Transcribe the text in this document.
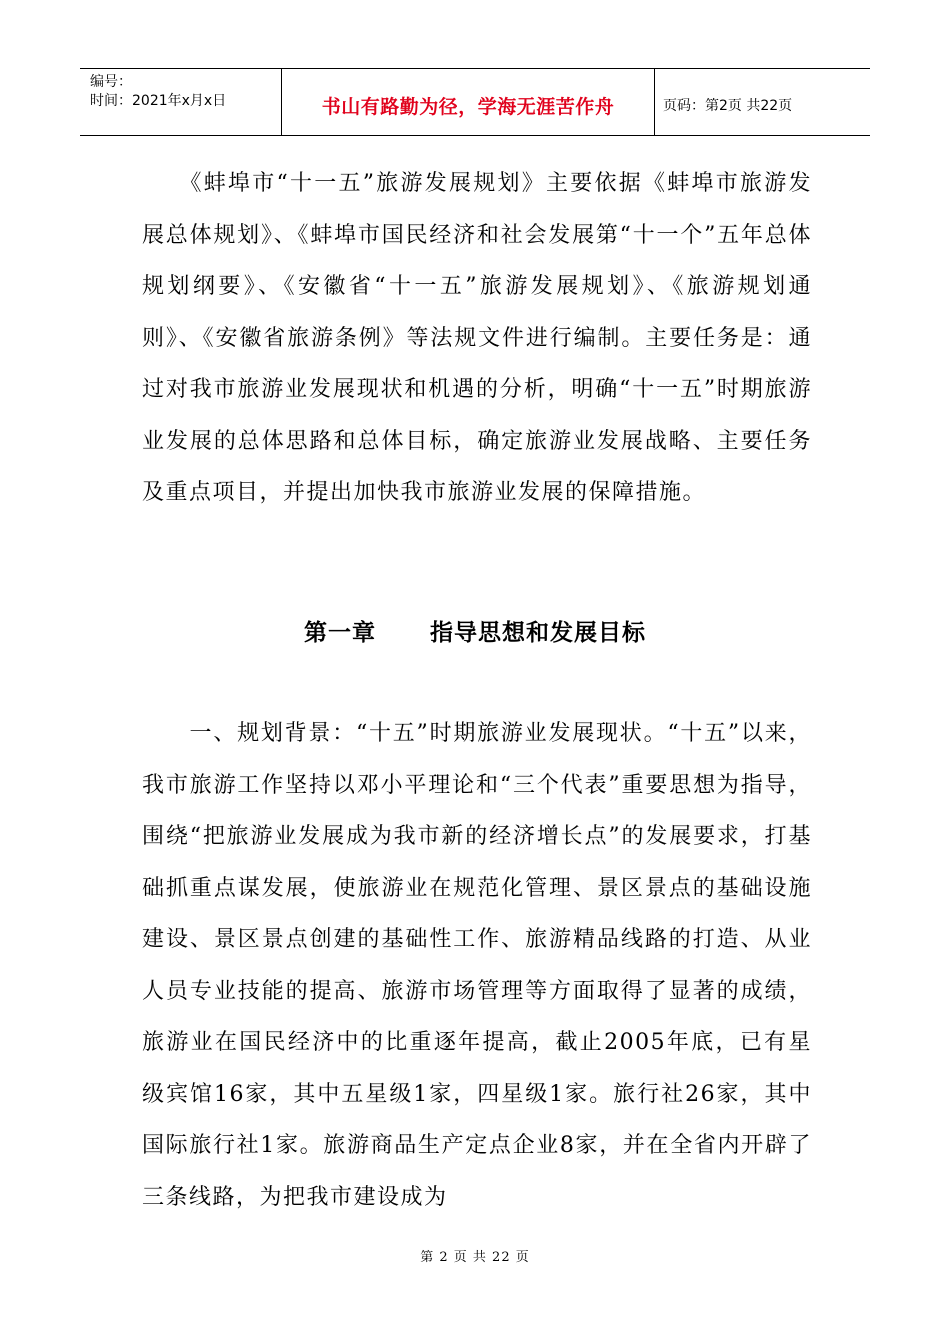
编号：
时间：2021年x月x日	书山有路勤为径，学海无涯苦作舟	页码：第2页 共22页

　　《蚌埠市“十一五”旅游发展规划》主要依据《蚌埠市旅游发展总体规划》、《蚌埠市国民经济和社会发展第“十一个”五年总体规划纲要》、《安徽省“十一五”旅游发展规划》、《旅游规划通则》、《安徽省旅游条例》等法规文件进行编制。主要任务是：通过对我市旅游业发展现状和机遇的分析，明确“十一五”时期旅游业发展的总体思路和总体目标，确定旅游业发展战略、主要任务及重点项目，并提出加快我市旅游业发展的保障措施。

第一章      指导思想和发展目标

　　一、规划背景：“十五”时期旅游业发展现状。“十五”以来，我市旅游工作坚持以邓小平理论和“三个代表”重要思想为指导，围绕“把旅游业发展成为我市新的经济增长点”的发展要求，打基础抓重点谋发展，使旅游业在规范化管理、景区景点的基础设施建设、景区景点创建的基础性工作、旅游精品线路的打造、从业人员专业技能的提高、旅游市场管理等方面取得了显著的成绩，旅游业在国民经济中的比重逐年提高，截止2005年底，已有星级宾馆16家，其中五星级1家，四星级1家。旅行社26家，其中国际旅行社1家。旅游商品生产定点企业8家，并在全省内开辟了三条线路，为把我市建设成为

第 2 页 共 22 页
